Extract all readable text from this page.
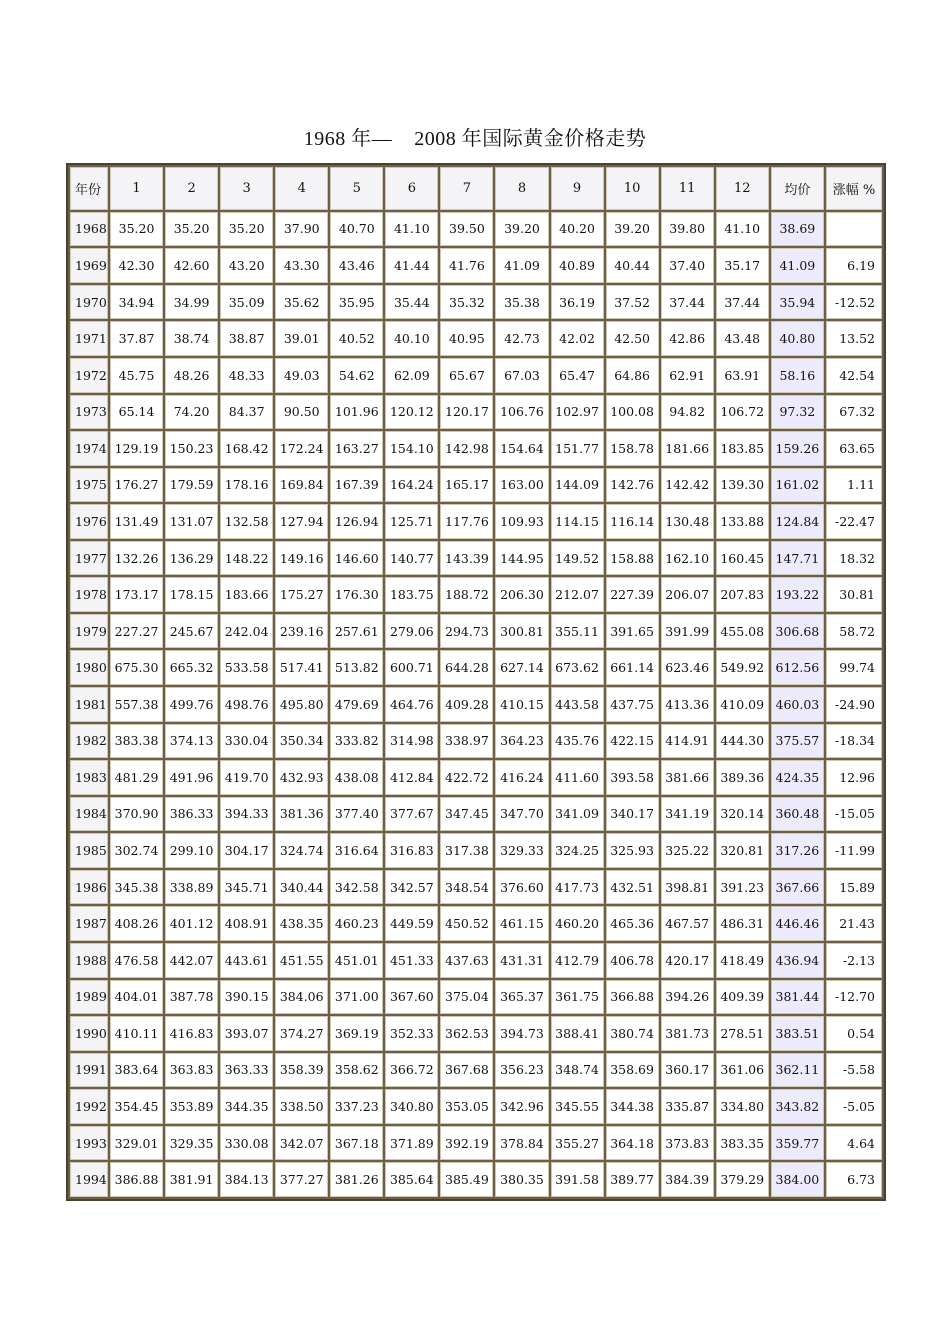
1968 年—    2008 年国际黄金价格走势
年份	1	2	3	4	5	6	7	8	9	10	11	12	均价	涨幅 %
1968	35.20	35.20	35.20	37.90	40.70	41.10	39.50	39.20	40.20	39.20	39.80	41.10	38.69	
1969	42.30	42.60	43.20	43.30	43.46	41.44	41.76	41.09	40.89	40.44	37.40	35.17	41.09	6.19
1970	34.94	34.99	35.09	35.62	35.95	35.44	35.32	35.38	36.19	37.52	37.44	37.44	35.94	-12.52
1971	37.87	38.74	38.87	39.01	40.52	40.10	40.95	42.73	42.02	42.50	42.86	43.48	40.80	13.52
1972	45.75	48.26	48.33	49.03	54.62	62.09	65.67	67.03	65.47	64.86	62.91	63.91	58.16	42.54
1973	65.14	74.20	84.37	90.50	101.96	120.12	120.17	106.76	102.97	100.08	94.82	106.72	97.32	67.32
1974	129.19	150.23	168.42	172.24	163.27	154.10	142.98	154.64	151.77	158.78	181.66	183.85	159.26	63.65
1975	176.27	179.59	178.16	169.84	167.39	164.24	165.17	163.00	144.09	142.76	142.42	139.30	161.02	1.11
1976	131.49	131.07	132.58	127.94	126.94	125.71	117.76	109.93	114.15	116.14	130.48	133.88	124.84	-22.47
1977	132.26	136.29	148.22	149.16	146.60	140.77	143.39	144.95	149.52	158.88	162.10	160.45	147.71	18.32
1978	173.17	178.15	183.66	175.27	176.30	183.75	188.72	206.30	212.07	227.39	206.07	207.83	193.22	30.81
1979	227.27	245.67	242.04	239.16	257.61	279.06	294.73	300.81	355.11	391.65	391.99	455.08	306.68	58.72
1980	675.30	665.32	533.58	517.41	513.82	600.71	644.28	627.14	673.62	661.14	623.46	549.92	612.56	99.74
1981	557.38	499.76	498.76	495.80	479.69	464.76	409.28	410.15	443.58	437.75	413.36	410.09	460.03	-24.90
1982	383.38	374.13	330.04	350.34	333.82	314.98	338.97	364.23	435.76	422.15	414.91	444.30	375.57	-18.34
1983	481.29	491.96	419.70	432.93	438.08	412.84	422.72	416.24	411.60	393.58	381.66	389.36	424.35	12.96
1984	370.90	386.33	394.33	381.36	377.40	377.67	347.45	347.70	341.09	340.17	341.19	320.14	360.48	-15.05
1985	302.74	299.10	304.17	324.74	316.64	316.83	317.38	329.33	324.25	325.93	325.22	320.81	317.26	-11.99
1986	345.38	338.89	345.71	340.44	342.58	342.57	348.54	376.60	417.73	432.51	398.81	391.23	367.66	15.89
1987	408.26	401.12	408.91	438.35	460.23	449.59	450.52	461.15	460.20	465.36	467.57	486.31	446.46	21.43
1988	476.58	442.07	443.61	451.55	451.01	451.33	437.63	431.31	412.79	406.78	420.17	418.49	436.94	-2.13
1989	404.01	387.78	390.15	384.06	371.00	367.60	375.04	365.37	361.75	366.88	394.26	409.39	381.44	-12.70
1990	410.11	416.83	393.07	374.27	369.19	352.33	362.53	394.73	388.41	380.74	381.73	278.51	383.51	0.54
1991	383.64	363.83	363.33	358.39	358.62	366.72	367.68	356.23	348.74	358.69	360.17	361.06	362.11	-5.58
1992	354.45	353.89	344.35	338.50	337.23	340.80	353.05	342.96	345.55	344.38	335.87	334.80	343.82	-5.05
1993	329.01	329.35	330.08	342.07	367.18	371.89	392.19	378.84	355.27	364.18	373.83	383.35	359.77	4.64
1994	386.88	381.91	384.13	377.27	381.26	385.64	385.49	380.35	391.58	389.77	384.39	379.29	384.00	6.73
